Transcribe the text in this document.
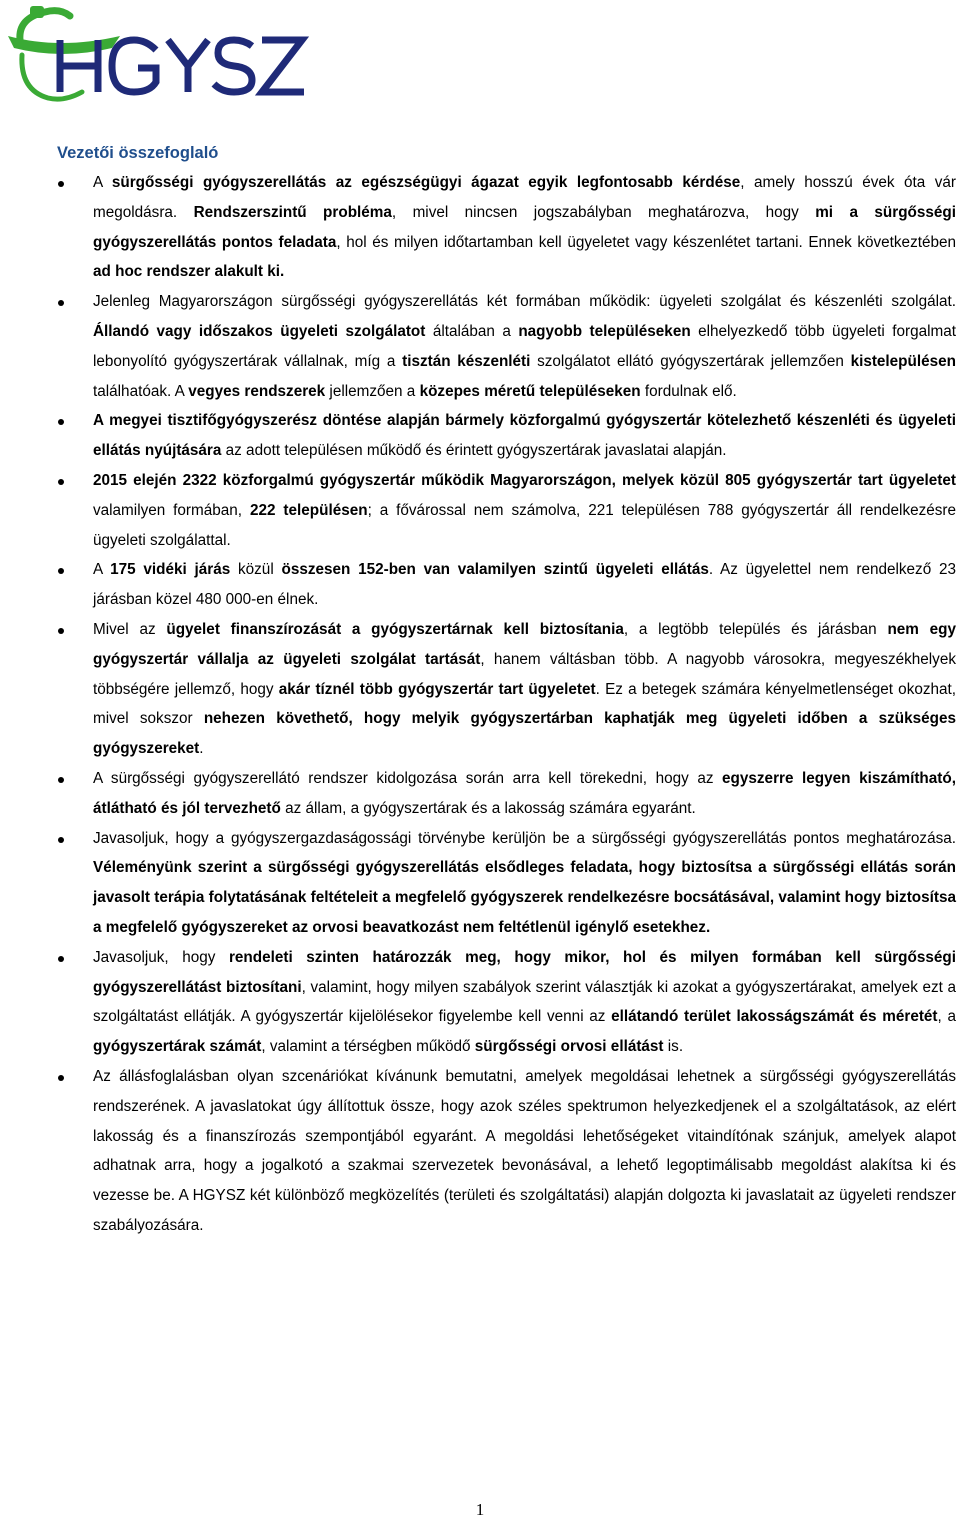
Vezetői összefoglaló
A sürgősségi gyógyszerellátás az egészségügyi ágazat egyik legfontosabb kérdése, amely hosszú évek óta vár megoldásra. Rendszerszintű probléma, mivel nincsen jogszabályban meghatározva, hogy mi a sürgősségi gyógyszerellátás pontos feladata, hol és milyen időtartamban kell ügyeletet vagy készenlétet tartani. Ennek következtében ad hoc rendszer alakult ki.
Jelenleg Magyarországon sürgősségi gyógyszerellátás két formában működik: ügyeleti szolgálat és készenléti szolgálat. Állandó vagy időszakos ügyeleti szolgálatot általában a nagyobb településeken elhelyezkedő több ügyeleti forgalmat lebonyolító gyógyszertárak vállalnak, míg a tisztán készenléti szolgálatot ellátó gyógyszertárak jellemzően kistelepülésen találhatóak. A vegyes rendszerek jellemzően a közepes méretű településeken fordulnak elő.
A megyei tisztifőgyógyszerész döntése alapján bármely közforgalmú gyógyszertár kötelezhető készenléti és ügyeleti ellátás nyújtására az adott településen működő és érintett gyógyszertárak javaslatai alapján.
2015 elején 2322 közforgalmú gyógyszertár működik Magyarországon, melyek közül 805 gyógyszertár tart ügyeletet valamilyen formában, 222 településen; a fővárossal nem számolva, 221 településen 788 gyógyszertár áll rendelkezésre ügyeleti szolgálattal.
A 175 vidéki járás közül összesen 152-ben van valamilyen szintű ügyeleti ellátás. Az ügyelettel nem rendelkező 23 járásban közel 480 000-en élnek.
Mivel az ügyelet finanszírozását a gyógyszertárnak kell biztosítania, a legtöbb település és járásban nem egy gyógyszertár vállalja az ügyeleti szolgálat tartását, hanem váltásban több. A nagyobb városokra, megyeszékhelyek többségére jellemző, hogy akár tíznél több gyógyszertár tart ügyeletet. Ez a betegek számára kényelmetlenséget okozhat, mivel sokszor nehezen követhető, hogy melyik gyógyszertárban kaphatják meg ügyeleti időben a szükséges gyógyszereket.
A sürgősségi gyógyszerellátó rendszer kidolgozása során arra kell törekedni, hogy az egyszerre legyen kiszámítható, átlátható és jól tervezhető az állam, a gyógyszertárak és a lakosság számára egyaránt.
Javasoljuk, hogy a gyógyszergazdaságossági törvénybe kerüljön be a sürgősségi gyógyszerellátás pontos meghatározása. Véleményünk szerint a sürgősségi gyógyszerellátás elsődleges feladata, hogy biztosítsa a sürgősségi ellátás során javasolt terápia folytatásának feltételeit a megfelelő gyógyszerek rendelkezésre bocsátásával, valamint hogy biztosítsa a megfelelő gyógyszereket az orvosi beavatkozást nem feltétlenül igénylő esetekhez.
Javasoljuk, hogy rendeleti szinten határozzák meg, hogy mikor, hol és milyen formában kell sürgősségi gyógyszerellátást biztosítani, valamint, hogy milyen szabályok szerint választják ki azokat a gyógyszertárakat, amelyek ezt a szolgáltatást ellátják. A gyógyszertár kijelölésekor figyelembe kell venni az ellátandó terület lakosságszámát és méretét, a gyógyszertárak számát, valamint a térségben működő sürgősségi orvosi ellátást is.
Az állásfoglalásban olyan szcenáriókat kívánunk bemutatni, amelyek megoldásai lehetnek a sürgősségi gyógyszerellátás rendszerének. A javaslatokat úgy állítottuk össze, hogy azok széles spektrumon helyezkedjenek el a szolgáltatások, az elért lakosság és a finanszírozás szempontjából egyaránt. A megoldási lehetőségeket vitaindítónak szánjuk, amelyek alapot adhatnak arra, hogy a jogalkotó a szakmai szervezetek bevonásával, a lehető legoptimálisabb megoldást alakítsa ki és vezesse be. A HGYSZ két különböző megközelítés (területi és szolgáltatási) alapján dolgozta ki javaslatait az ügyeleti rendszer szabályozására.
1
